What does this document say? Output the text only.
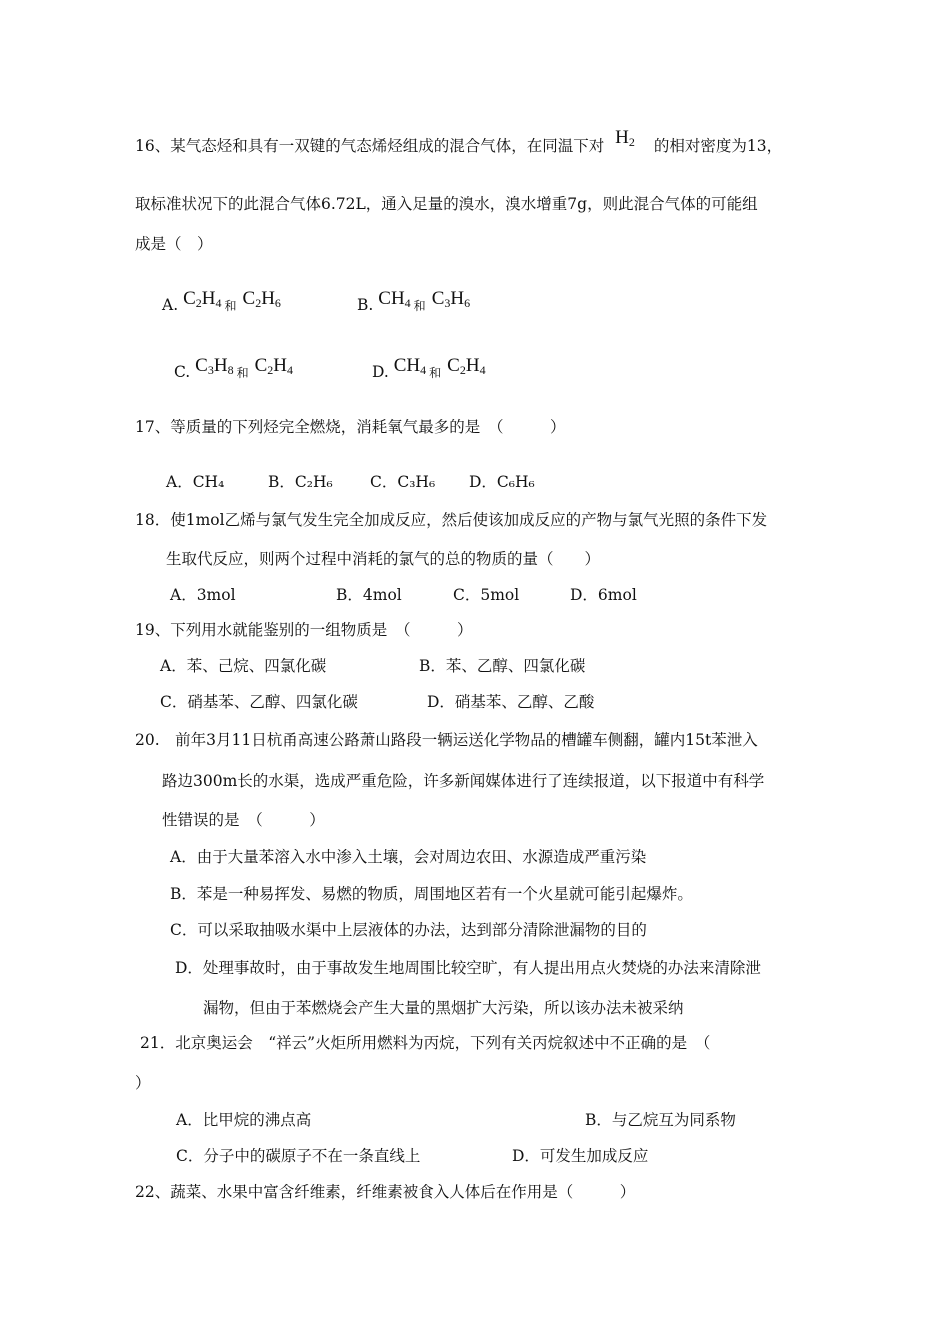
16、某气态烃和具有一双键的气态烯烃组成的混合气体，在同温下对 $H_2$ 的相对密度为13，
取标准状况下的此混合气体6.72L，通入足量的溴水，溴水增重7g，则此混合气体的可能组
成是（　）
A. $C_2H_4$ 和 $C_2H_6$	B. $CH_4$ 和 $C_3H_6$
C. $C_3H_8$ 和 $C_2H_4$	D. $CH_4$ 和 $C_2H_4$
17、等质量的下列烃完全燃烧，消耗氧气最多的是　（　　　）
A．CH₄	B．C₂H₆ C．C₃H₆ D．C₆H₆
18．使1mol乙烯与氯气发生完全加成反应，然后使该加成反应的产物与氯气光照的条件下发
生取代反应，则两个过程中消耗的氯气的总的物质的量（　　）
A．3mol	B．4mol	C．5mol	D．6mol
19、下列用水就能鉴别的一组物质是　（　　　）
A．苯、己烷、四氯化碳	B．苯、乙醇、四氯化碳
C．硝基苯、乙醇、四氯化碳	D．硝基苯、乙醇、乙酸
20.　前年3月11日杭甬高速公路萧山路段一辆运送化学物品的槽罐车侧翻，罐内15t苯泄入
路边300m长的水渠，选成严重危险，许多新闻媒体进行了连续报道，以下报道中有科学
性错误的是　（　　　）
A．由于大量苯溶入水中渗入土壤，会对周边农田、水源造成严重污染
B．苯是一种易挥发、易燃的物质，周围地区若有一个火星就可能引起爆炸。
C．可以采取抽吸水渠中上层液体的办法，达到部分清除泄漏物的目的
D．处理事故时，由于事故发生地周围比较空旷，有人提出用点火焚烧的办法来清除泄
漏物，但由于苯燃烧会产生大量的黑烟扩大污染，所以该办法未被采纳
21．北京奥运会　“祥云”火炬所用燃料为丙烷，下列有关丙烷叙述中不正确的是　（
）
A．比甲烷的沸点高	B．与乙烷互为同系物
C．分子中的碳原子不在一条直线上	D．可发生加成反应
22、蔬菜、水果中富含纤维素，纤维素被食入人体后在作用是（　　　）
